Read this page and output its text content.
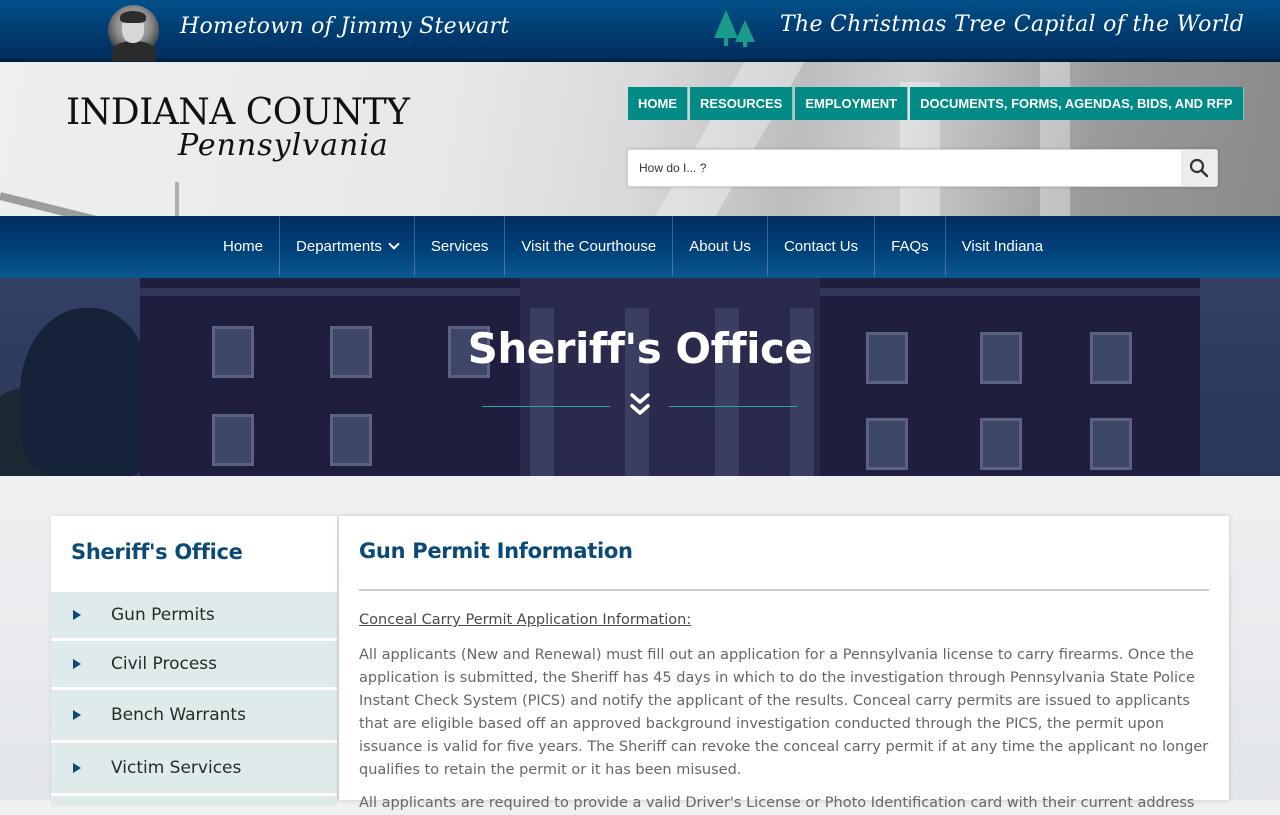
Hometown of Jimmy Stewart	The Christmas Tree Capital of the World
INDIANA COUNTY
Pennsylvania
HOME	RESOURCES	EMPLOYMENT	DOCUMENTS, FORMS, AGENDAS, BIDS, AND RFP
How do I... ?
Home Departments	Services Visit the Courthouse About Us Contact Us FAQs Visit Indiana
Sheriff's Office
Sheriff's Office
Gun Permits
Civil Process
Bench Warrants
Victim Services
Gun Permit Information
Conceal Carry Permit Application Information:

All applicants (New and Renewal) must fill out an application for a Pennsylvania license to carry firearms. Once the application is submitted, the Sheriff has 45 days in which to do the investigation through Pennsylvania State Police Instant Check System (PICS) and notify the applicant of the results. Conceal carry permits are issued to applicants that are eligible based off an approved background investigation conducted through the PICS, the permit upon issuance is valid for five years. The Sheriff can revoke the conceal carry permit if at any time the applicant no longer qualifies to retain the permit or it has been misused.

All applicants are required to provide a valid Driver's License or Photo Identification card with their current address
